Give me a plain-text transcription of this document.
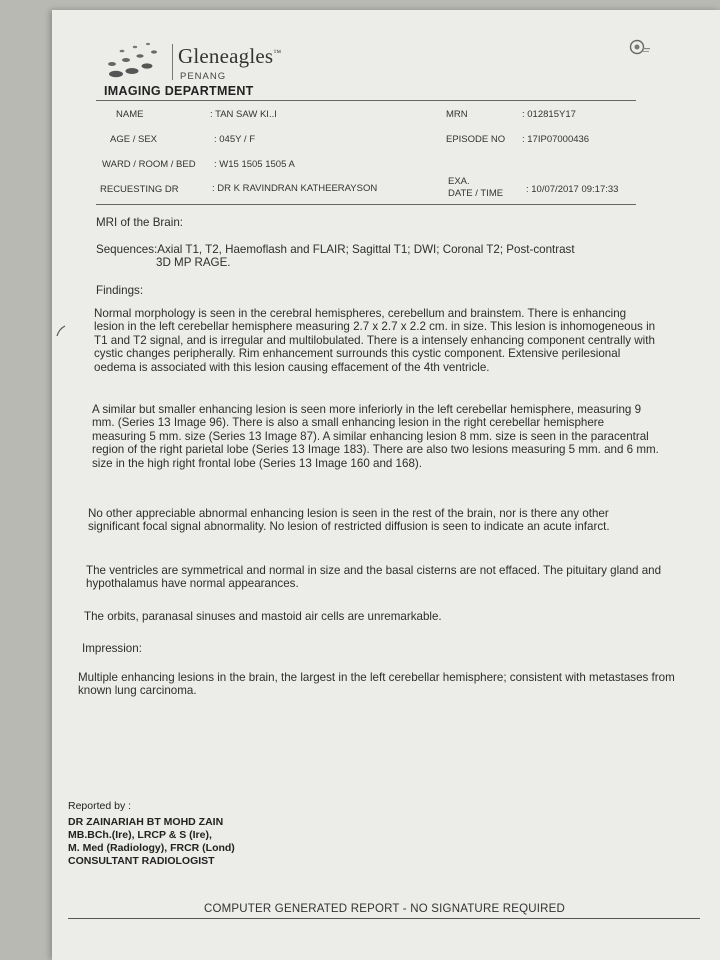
Gleneagles™
PENANG
IMAGING DEPARTMENT
NAME	: TAN SAW KI..I	MRN	: 012815Y17
AGE / SEX	: 045Y / F	EPISODE NO : 17IP07000436
WARD / ROOM / BED : W15 1505 1505 A
RECUESTING DR	: DR K RAVINDRAN KATHEERAYSON
EXA.
DATE / TIME : 10/07/2017 09:17:33
MRI of the Brain:

Sequences:Axial T1, T2, Haemoflash and FLAIR; Sagittal T1; DWI; Coronal T2; Post-contrast

3D MP RAGE.

Findings:
Normal morphology is seen in the cerebral hemispheres, cerebellum and brainstem. There is enhancing lesion in the left cerebellar hemisphere measuring 2.7 x 2.7 x 2.2 cm. in size. This lesion is inhomogeneous in T1 and T2 signal, and is irregular and multilobulated. There is a intensely enhancing component centrally with cystic changes peripherally. Rim enhancement surrounds this cystic component. Extensive perilesional oedema is associated with this lesion causing effacement of the 4th ventricle.
A similar but smaller enhancing lesion is seen more inferiorly in the left cerebellar hemisphere, measuring 9 mm. (Series 13 Image 96). There is also a small enhancing lesion in the right cerebellar hemisphere measuring 5 mm. size (Series 13 Image 87). A similar enhancing lesion 8 mm. size is seen in the paracentral region of the right parietal lobe (Series 13 Image 183). There are also two lesions measuring 5 mm. and 6 mm. size in the high right frontal lobe (Series 13 Image 160 and 168).
No other appreciable abnormal enhancing lesion is seen in the rest of the brain, nor is there any other significant focal signal abnormality. No lesion of restricted diffusion is seen to indicate an acute infarct.
The ventricles are symmetrical and normal in size and the basal cisterns are not effaced. The pituitary gland and hypothalamus have normal appearances.
The orbits, paranasal sinuses and mastoid air cells are unremarkable.
Impression:
Multiple enhancing lesions in the brain, the largest in the left cerebellar hemisphere; consistent with metastases from known lung carcinoma.
Reported by :
DR ZAINARIAH BT MOHD ZAIN
MB.BCh.(Ire), LRCP & S (Ire),
M. Med (Radiology), FRCR (Lond)
CONSULTANT RADIOLOGIST
COMPUTER GENERATED REPORT - NO SIGNATURE REQUIRED
